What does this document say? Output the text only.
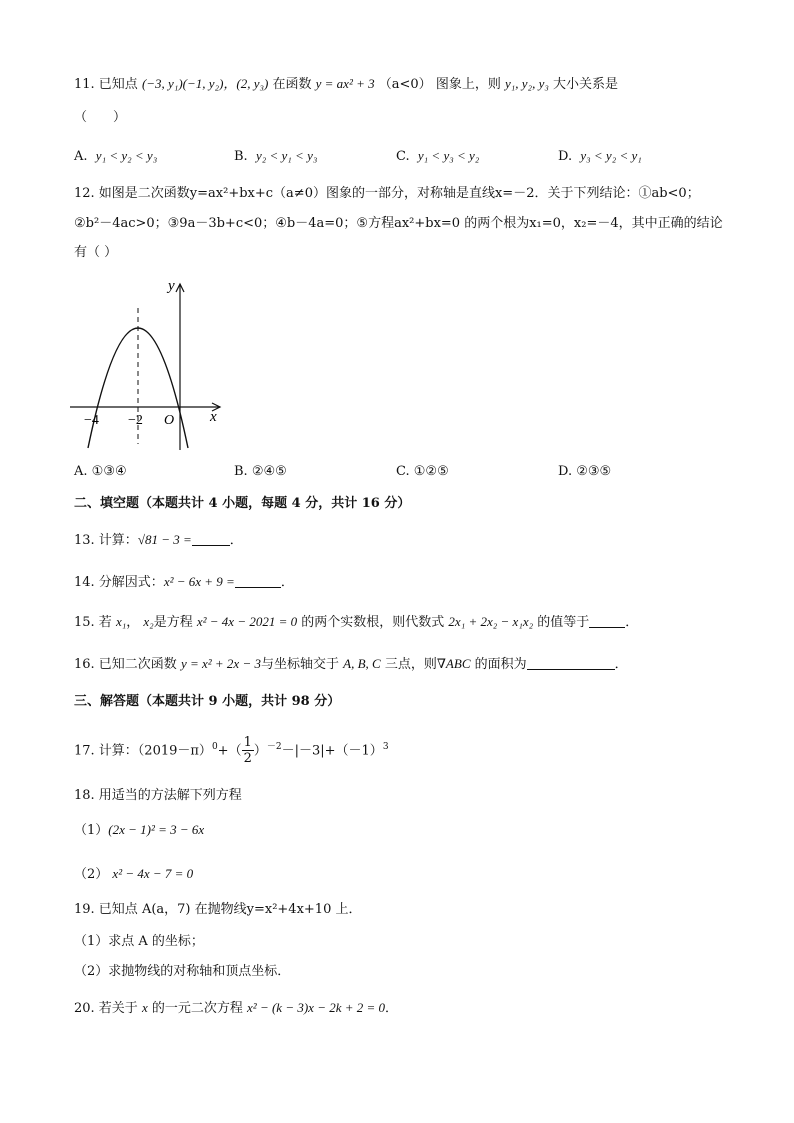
11. 已知点 (−3, y₁)(−1, y₂)，(2, y₃) 在函数 y = ax² + 3 （a<0） 图象上，则 y₁, y₂, y₃ 大小关系是
（　　）
A. y₁ < y₂ < y₃	B. y₂ < y₁ < y₃	C. y₁ < y₃ < y₂	D. y₃ < y₂ < y₁
12. 如图是二次函数y=ax²+bx+c（a≠0）图象的一部分，对称轴是直线x=－2．关于下列结论：①ab<0；
②b²－4ac>0；③9a－3b+c<0；④b－4a=0；⑤方程ax²+bx=0 的两个根为x₁=0，x₂=－4，其中正确的结论
有（ ）
y
x
−4 −2 O
A. ①③④	B. ②④⑤	C. ①②⑤	D. ②③⑤
二、填空题（本题共计 4 小题，每题 4 分，共计 16 分）
13. 计算：√81 − 3 =	．
14. 分解因式：x² − 6x + 9 =	．
15. 若 x₁， x₂是方程 x² − 4x − 2021 = 0 的两个实数根，则代数式 2x₁ + 2x₂ − x₁x₂ 的值等于	．
16. 已知二次函数 y = x² + 2x − 3与坐标轴交于 A, B, C 三点，则∇ABC 的面积为	．
三、解答题（本题共计 9 小题，共计 98 分）
17. 计算：$(2019-\pi)^0+( \frac{1}{2} )^{-2}-|-3|+(-1)^3$
18. 用适当的方法解下列方程
（1）(2x − 1)² = 3 − 6x
（2） x² − 4x − 7 = 0
19. 已知点 A(a，7) 在抛物线y=x²+4x+10 上．
（1）求点 A 的坐标；
（2）求抛物线的对称轴和顶点坐标．
20. 若关于 x 的一元二次方程 x² − (k − 3)x − 2k + 2 = 0．
